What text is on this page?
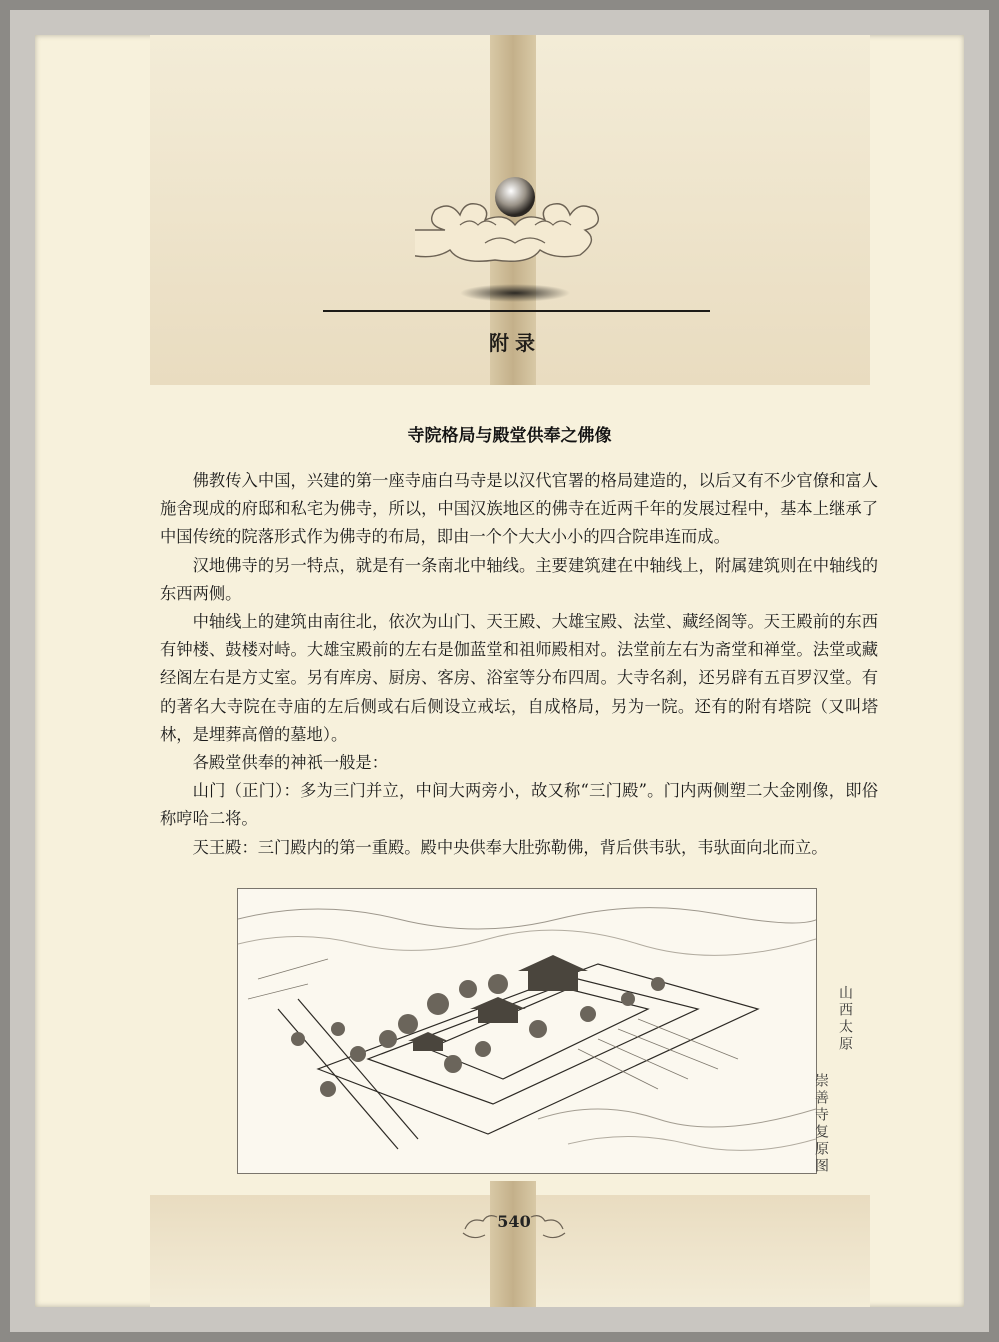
附录
寺院格局与殿堂供奉之佛像

佛教传入中国，兴建的第一座寺庙白马寺是以汉代官署的格局建造的，以后又有不少官僚和富人施舍现成的府邸和私宅为佛寺，所以，中国汉族地区的佛寺在近两千年的发展过程中，基本上继承了中国传统的院落形式作为佛寺的布局，即由一个个大大小小的四合院串连而成。

汉地佛寺的另一特点，就是有一条南北中轴线。主要建筑建在中轴线上，附属建筑则在中轴线的东西两侧。

中轴线上的建筑由南往北，依次为山门、天王殿、大雄宝殿、法堂、藏经阁等。天王殿前的东西有钟楼、鼓楼对峙。大雄宝殿前的左右是伽蓝堂和祖师殿相对。法堂前左右为斋堂和禅堂。法堂或藏经阁左右是方丈室。另有库房、厨房、客房、浴室等分布四周。大寺名刹，还另辟有五百罗汉堂。有的著名大寺院在寺庙的左后侧或右后侧设立戒坛，自成格局，另为一院。还有的附有塔院（又叫塔林，是埋葬高僧的墓地）。

各殿堂供奉的神祇一般是：

山门（正门）：多为三门并立，中间大两旁小，故又称“三门殿”。门内两侧塑二大金刚像，即俗称哼哈二将。

天王殿：三门殿内的第一重殿。殿中央供奉大肚弥勒佛，背后供韦驮，韦驮面向北而立。

山西太原
崇善寺复原图
540
